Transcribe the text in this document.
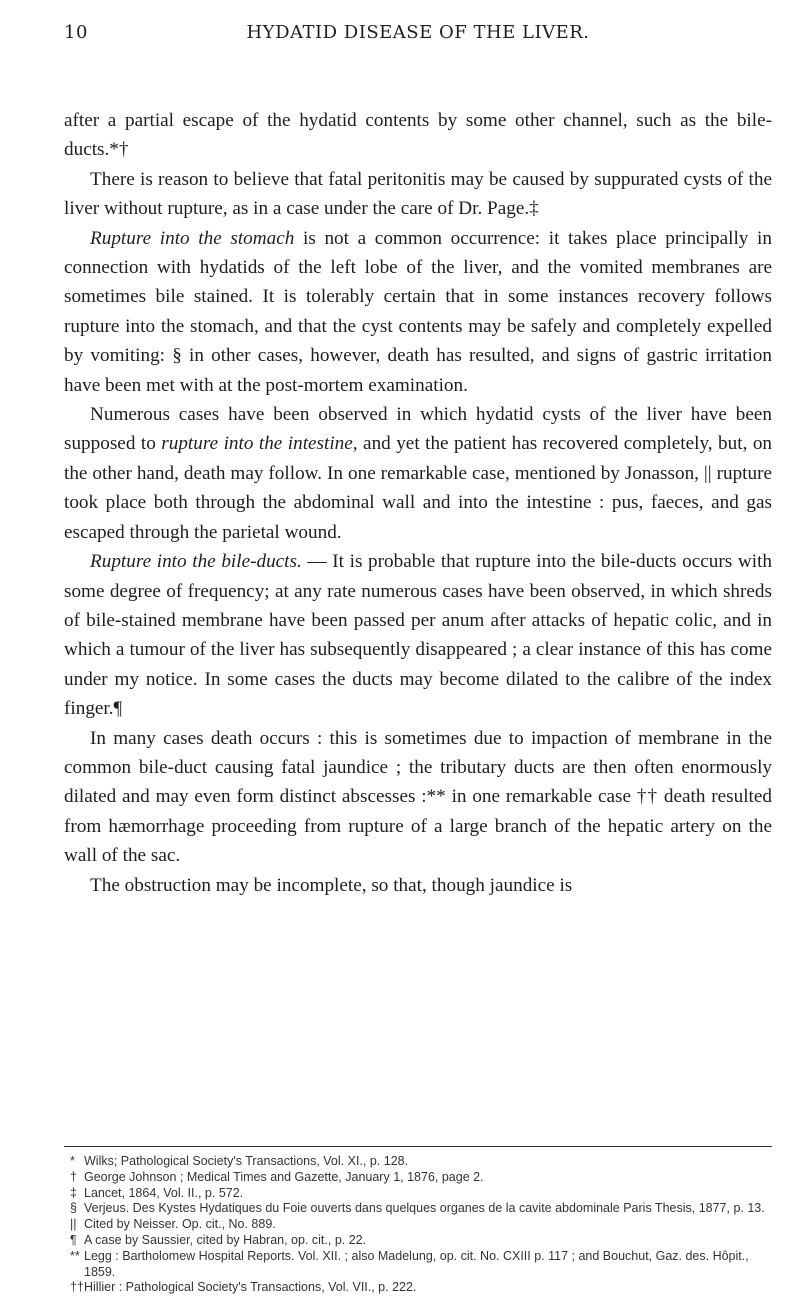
10	HYDATID DISEASE OF THE LIVER.

after a partial escape of the hydatid contents by some other channel, such as the bile-ducts.*†

There is reason to believe that fatal peritonitis may be caused by suppurated cysts of the liver without rupture, as in a case under the care of Dr. Page.‡

Rupture into the stomach is not a common occurrence: it takes place principally in connection with hydatids of the left lobe of the liver, and the vomited membranes are sometimes bile stained. It is tolerably certain that in some instances recovery follows rupture into the stomach, and that the cyst contents may be safely and completely expelled by vomiting: § in other cases, however, death has resulted, and signs of gastric irritation have been met with at the post-mortem examination.

Numerous cases have been observed in which hydatid cysts of the liver have been supposed to rupture into the intestine, and yet the patient has recovered completely, but, on the other hand, death may follow. In one remarkable case, mentioned by Jonasson, || rupture took place both through the abdominal wall and into the intestine : pus, faeces, and gas escaped through the parietal wound.

Rupture into the bile-ducts. — It is probable that rupture into the bile-ducts occurs with some degree of frequency; at any rate numerous cases have been observed, in which shreds of bile-stained membrane have been passed per anum after attacks of hepatic colic, and in which a tumour of the liver has subsequently disappeared ; a clear instance of this has come under my notice. In some cases the ducts may become dilated to the calibre of the index finger.¶

In many cases death occurs : this is sometimes due to impaction of membrane in the common bile-duct causing fatal jaundice ; the tributary ducts are then often enormously dilated and may even form distinct abscesses :** in one remarkable case †† death resulted from hæmorrhage proceeding from rupture of a large branch of the hepatic artery on the wall of the sac.

The obstruction may be incomplete, so that, though jaundice is

* Wilks; Pathological Society's Transactions, Vol. XI., p. 128.
† George Johnson ; Medical Times and Gazette, January 1, 1876, page 2.
‡ Lancet, 1864, Vol. II., p. 572.
§ Verjeus. Des Kystes Hydatiques du Foie ouverts dans quelques organes de la cavite abdominale Paris Thesis, 1877, p. 13.
|| Cited by Neisser. Op. cit., No. 889.
¶ A case by Saussier, cited by Habran, op. cit., p. 22.
** Legg : Bartholomew Hospital Reports. Vol. XII. ; also Madelung, op. cit. No. CXIII p. 117 ; and Bouchut, Gaz. des. Hôpit., 1859.
††Hillier : Pathological Society's Transactions, Vol. VII., p. 222.
